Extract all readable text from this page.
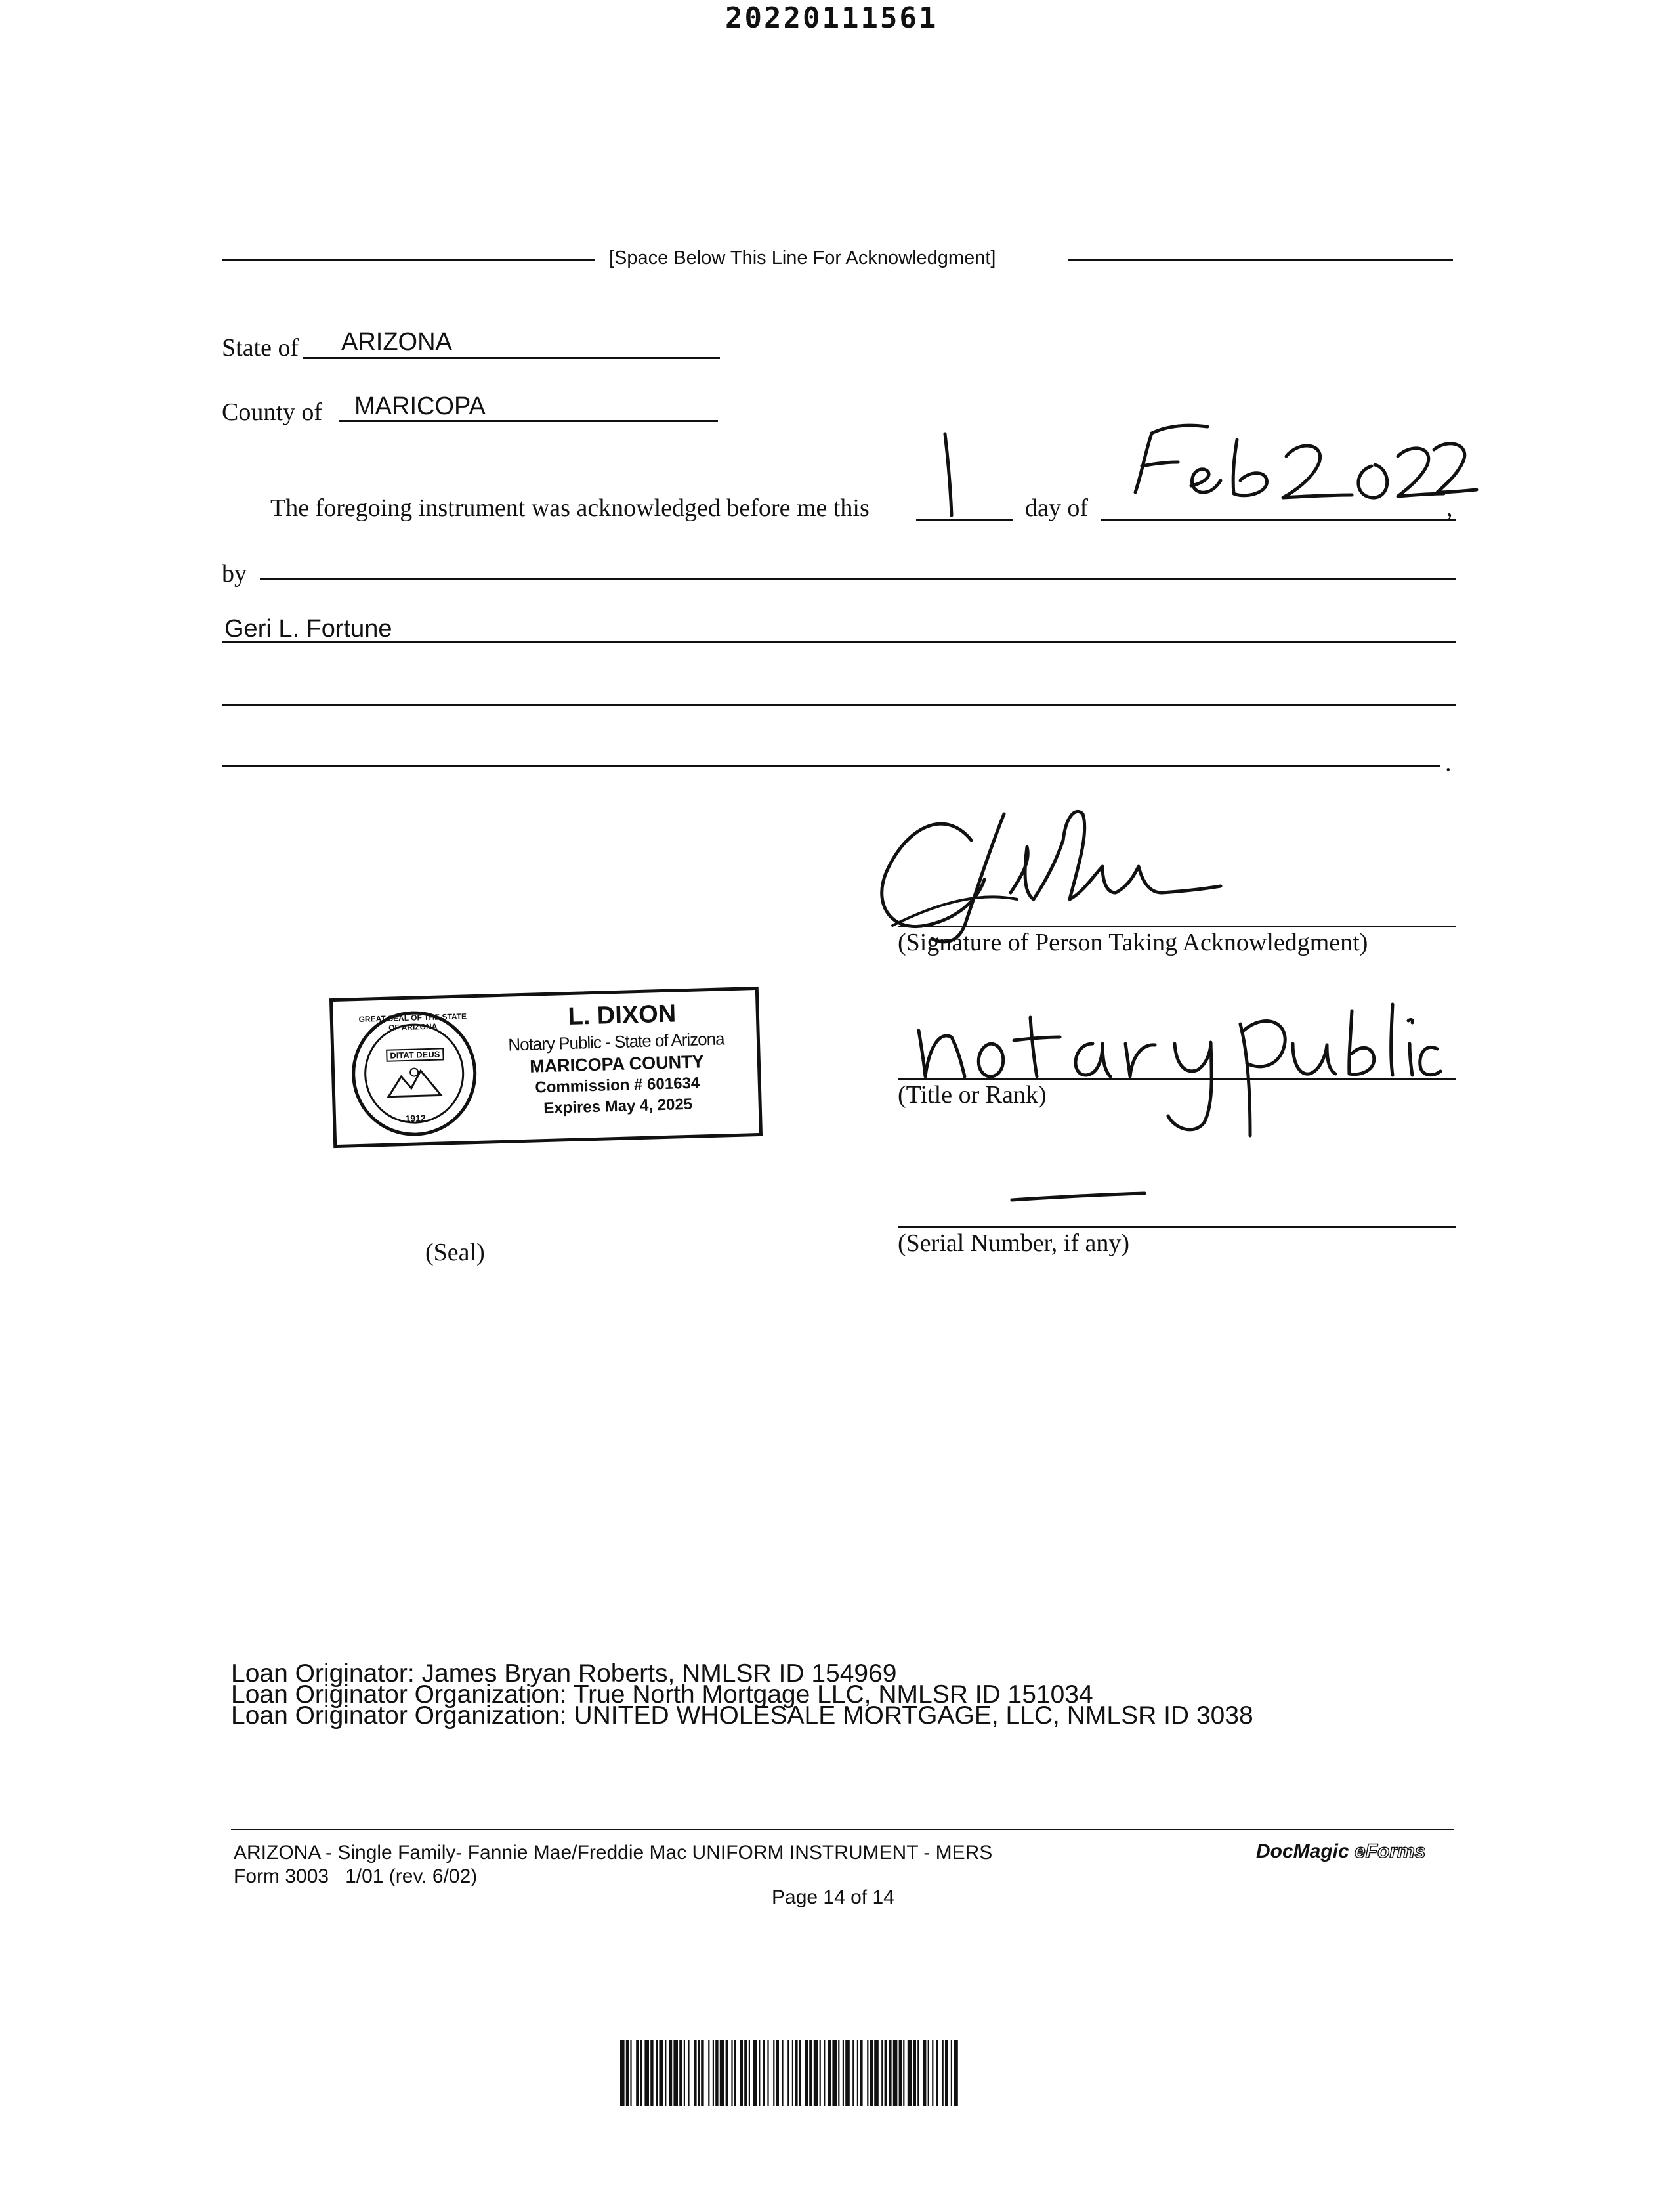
20220111561
[Space Below This Line For Acknowledgment]
State of ARIZONA
County of MARICOPA
The foregoing instrument was acknowledged before me this	day of	,
by
Geri L. Fortune
.
(Signature of Person Taking Acknowledgment)
(Title or Rank)
(Serial Number, if any)
GREAT SEAL OF THE STATE OF ARIZONA
DITAT DEUS
1912
L. DIXON
Notary Public - State of Arizona
MARICOPA COUNTY
Commission # 601634
Expires May 4, 2025
(Seal)
Loan Originator: James Bryan Roberts, NMLSR ID 154969
Loan Originator Organization: True North Mortgage LLC, NMLSR ID 151034
Loan Originator Organization: UNITED WHOLESALE MORTGAGE, LLC, NMLSR ID 3038
ARIZONA - Single Family- Fannie Mae/Freddie Mac UNIFORM INSTRUMENT - MERS
Form 3003   1/01 (rev. 6/02)
DocMagic eForms
Page 14 of 14
